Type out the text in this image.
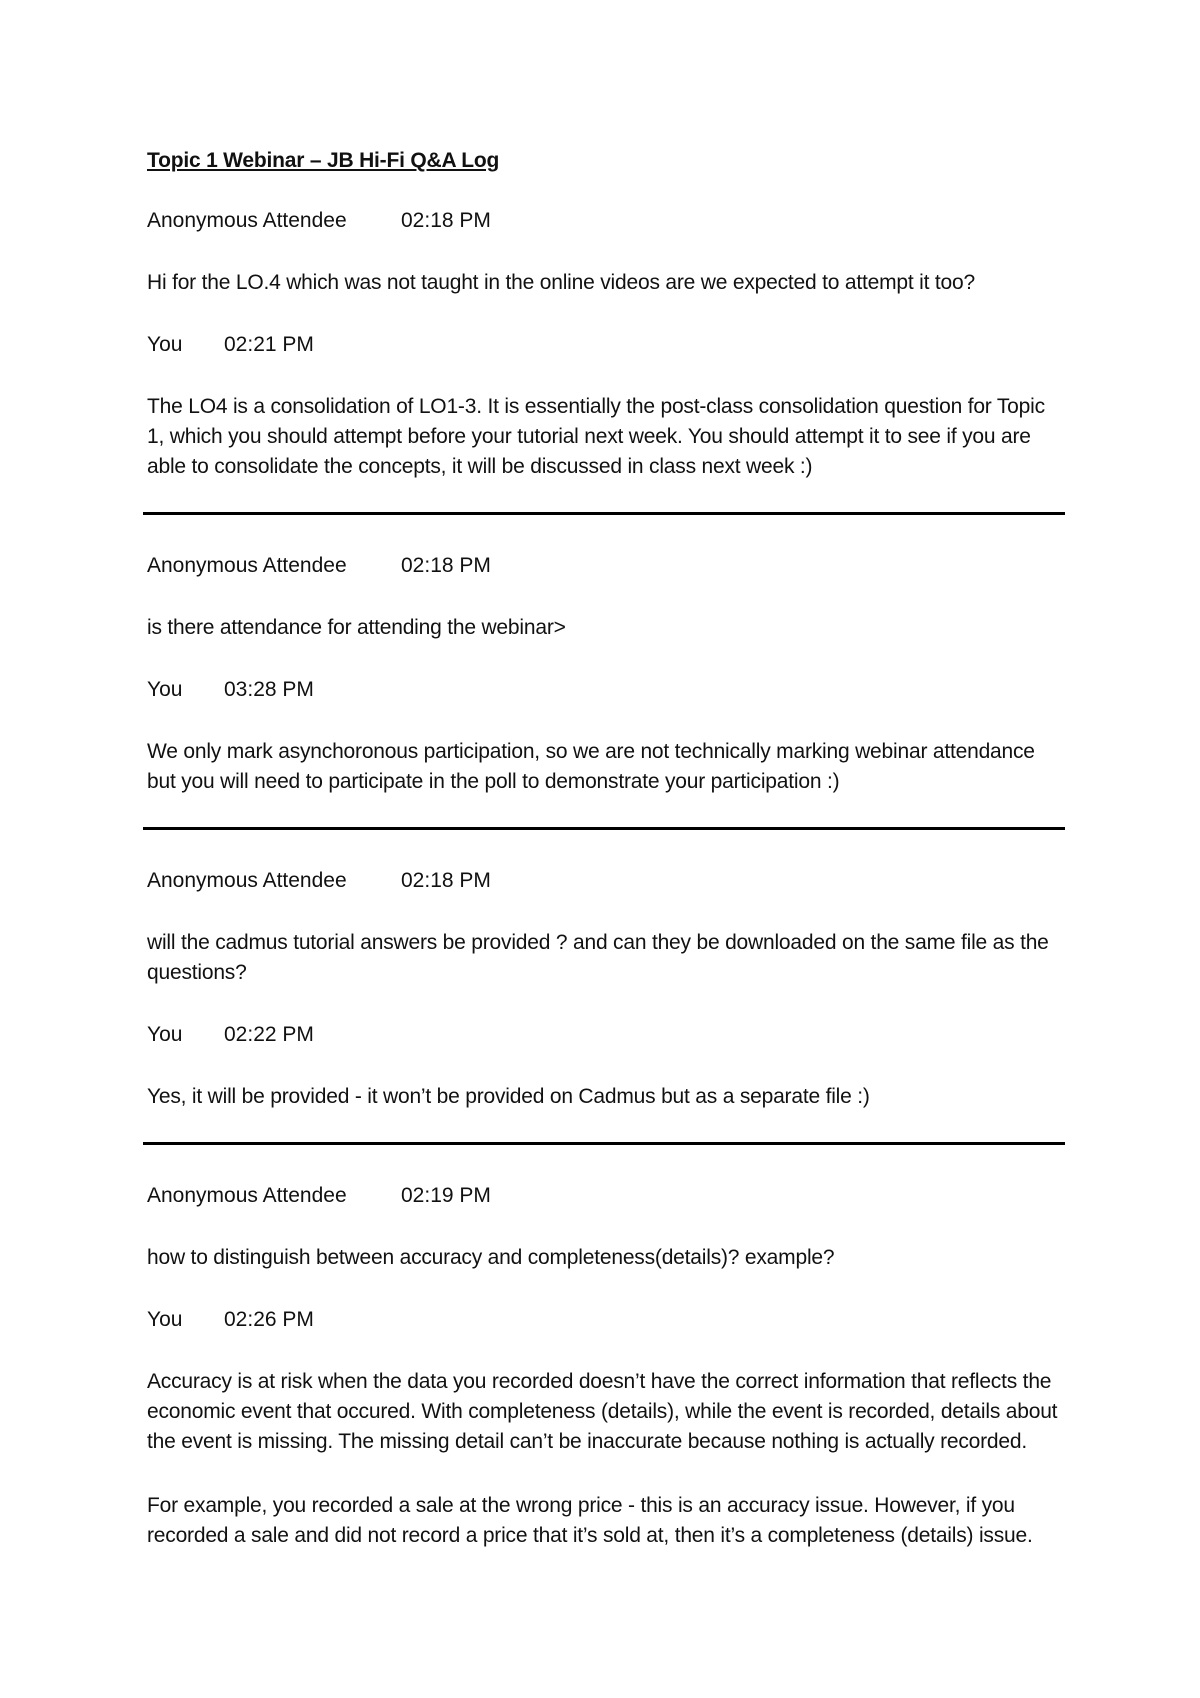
Topic 1 Webinar – JB Hi-Fi Q&A Log

Anonymous Attendee	02:18 PM

Hi for the LO.4 which was not taught in the online videos are we expected to attempt it too?

You 02:21 PM

The LO4 is a consolidation of LO1-3. It is essentially the post-class consolidation question for Topic 1, which you should attempt before your tutorial next week. You should attempt it to see if you are able to consolidate the concepts, it will be discussed in class next week :)

Anonymous Attendee	02:18 PM

is there attendance for attending the webinar>

You 03:28 PM

We only mark asynchoronous participation, so we are not technically marking webinar attendance but you will need to participate in the poll to demonstrate your participation :)

Anonymous Attendee	02:18 PM

will the cadmus tutorial answers be provided ? and can they be downloaded on the same file as the questions?

You 02:22 PM

Yes, it will be provided - it won’t be provided on Cadmus but as a separate file :)

Anonymous Attendee	02:19 PM

how to distinguish between accuracy and completeness(details)? example?

You 02:26 PM

Accuracy is at risk when the data you recorded doesn’t have the correct information that reflects the economic event that occured. With completeness (details), while the event is recorded, details about the event is missing. The missing detail can’t be inaccurate because nothing is actually recorded.

For example, you recorded a sale at the wrong price - this is an accuracy issue. However, if you recorded a sale and did not record a price that it’s sold at, then it’s a completeness (details) issue.
